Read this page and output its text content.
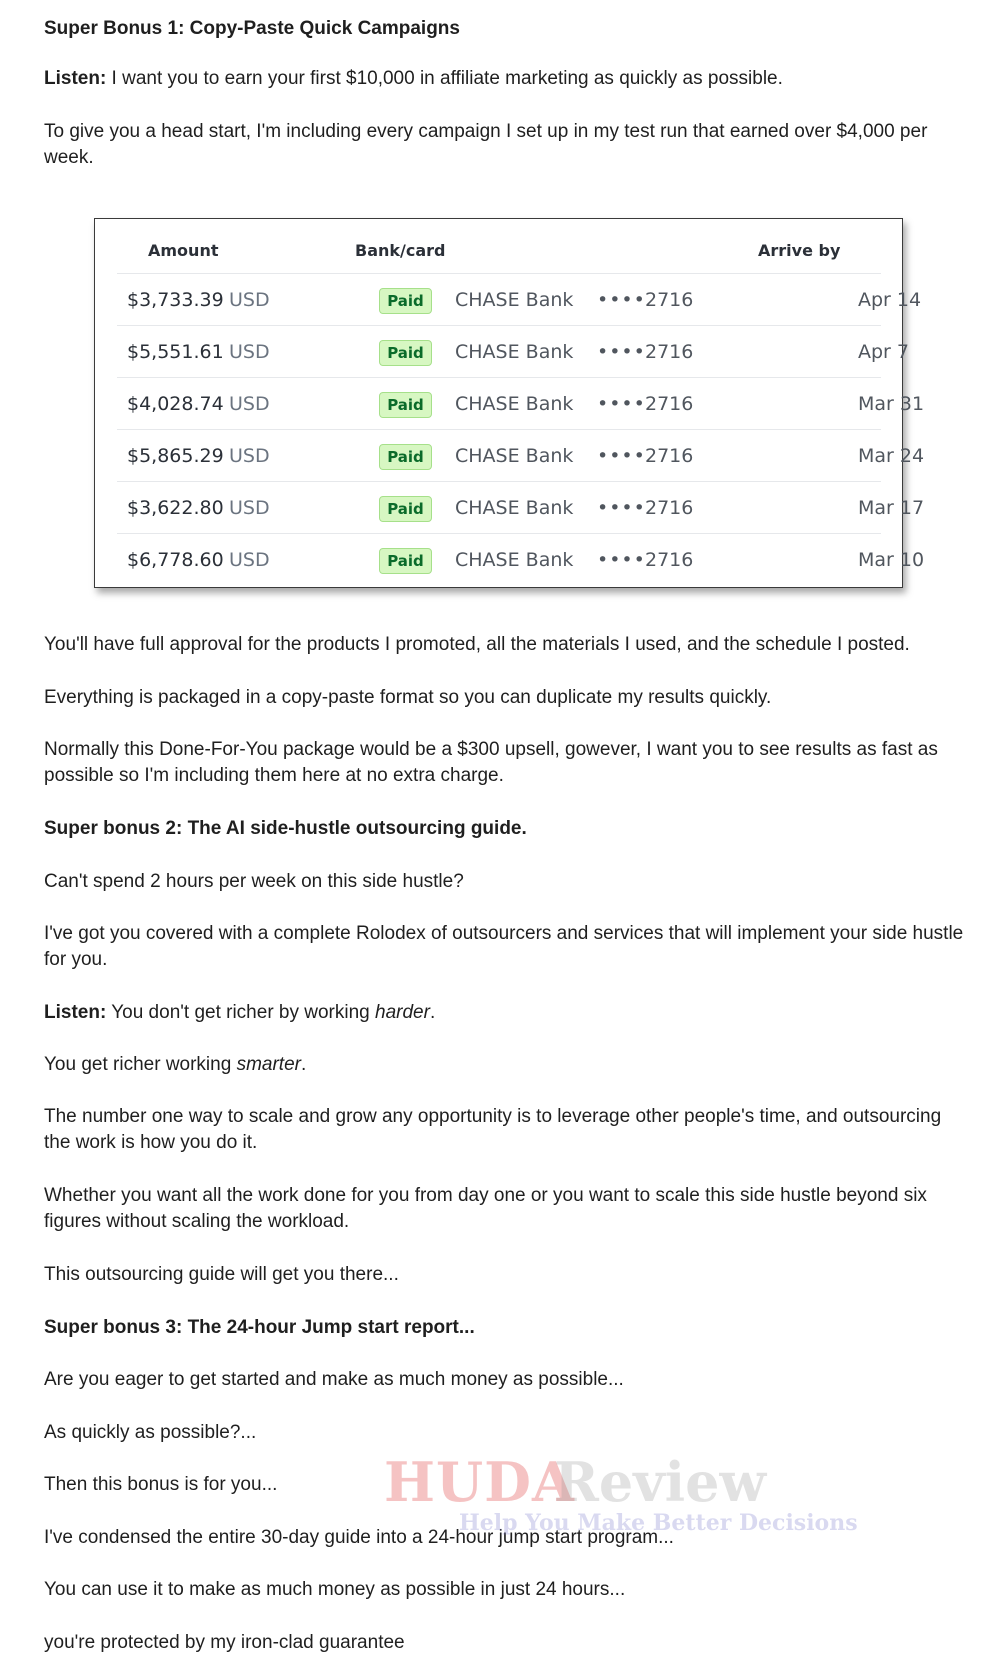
Super Bonus 1: Copy-Paste Quick Campaigns

Listen: I want you to earn your first $10,000 in affiliate marketing as quickly as possible.

To give you a head start, I'm including every campaign I set up in my test run that earned over $4,000 per week.

Amount	Bank/card	Arrive by
$3,733.39 USD	Paid	CHASE Bank •••• 2716	Apr 14
$5,551.61 USD	Paid	CHASE Bank •••• 2716	Apr 7
$4,028.74 USD	Paid	CHASE Bank •••• 2716	Mar 31
$5,865.29 USD	Paid	CHASE Bank •••• 2716	Mar 24
$3,622.80 USD	Paid	CHASE Bank •••• 2716	Mar 17
$6,778.60 USD	Paid	CHASE Bank •••• 2716	Mar 10

You'll have full approval for the products I promoted, all the materials I used, and the schedule I posted.

Everything is packaged in a copy-paste format so you can duplicate my results quickly.

Normally this Done-For-You package would be a $300 upsell, gowever, I want you to see results as fast as possible so I'm including them here at no extra charge.

Super bonus 2: The AI side-hustle outsourcing guide.

Can't spend 2 hours per week on this side hustle?

I've got you covered with a complete Rolodex of outsourcers and services that will implement your side hustle for you.

Listen: You don't get richer by working harder.

You get richer working smarter.

The number one way to scale and grow any opportunity is to leverage other people's time, and outsourcing the work is how you do it.

Whether you want all the work done for you from day one or you want to scale this side hustle beyond six figures without scaling the workload.

This outsourcing guide will get you there...

Super bonus 3: The 24-hour Jump start report...

Are you eager to get started and make as much money as possible...

As quickly as possible?...

Then this bonus is for you...

I've condensed the entire 30-day guide into a 24-hour jump start program...

You can use it to make as much money as possible in just 24 hours...

you're protected by my iron-clad guarantee

HUDA
Review
Help You Make Better Decisions
